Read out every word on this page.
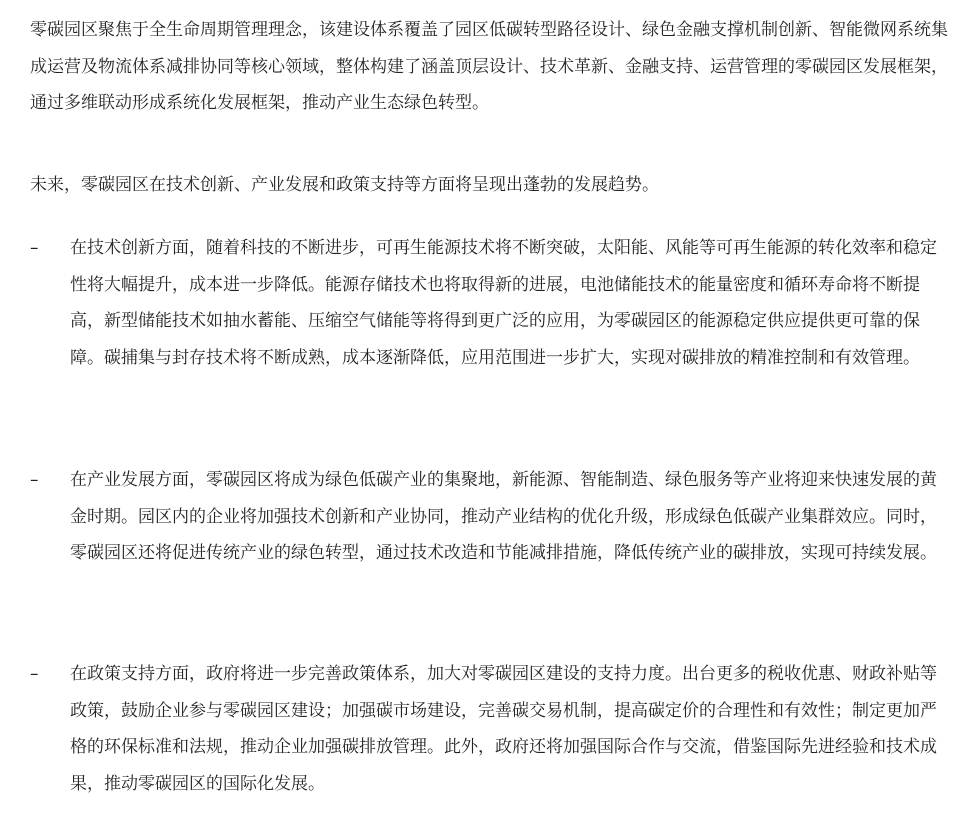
零碳园区聚焦于全生命周期管理理念，该建设体系覆盖了园区低碳转型路径设计、绿色金融支撑机制创新、智能微网系统集成运营及物流体系减排协同等核心领域，整体构建了涵盖顶层设计、技术革新、金融支持、运营管理的零碳园区发展框架，通过多维联动形成系统化发展框架，推动产业生态绿色转型。

未来，零碳园区在技术创新、产业发展和政策支持等方面将呈现出蓬勃的发展趋势。

– 在技术创新方面，随着科技的不断进步，可再生能源技术将不断突破，太阳能、风能等可再生能源的转化效率和稳定性将大幅提升，成本进一步降低。能源存储技术也将取得新的进展，电池储能技术的能量密度和循环寿命将不断提高，新型储能技术如抽水蓄能、压缩空气储能等将得到更广泛的应用，为零碳园区的能源稳定供应提供更可靠的保障。碳捕集与封存技术将不断成熟，成本逐渐降低，应用范围进一步扩大，实现对碳排放的精准控制和有效管理。

– 在产业发展方面，零碳园区将成为绿色低碳产业的集聚地，新能源、智能制造、绿色服务等产业将迎来快速发展的黄金时期。园区内的企业将加强技术创新和产业协同，推动产业结构的优化升级，形成绿色低碳产业集群效应。同时，零碳园区还将促进传统产业的绿色转型，通过技术改造和节能减排措施，降低传统产业的碳排放，实现可持续发展。

– 在政策支持方面，政府将进一步完善政策体系，加大对零碳园区建设的支持力度。出台更多的税收优惠、财政补贴等政策，鼓励企业参与零碳园区建设；加强碳市场建设，完善碳交易机制，提高碳定价的合理性和有效性；制定更加严格的环保标准和法规，推动企业加强碳排放管理。此外，政府还将加强国际合作与交流，借鉴国际先进经验和技术成果，推动零碳园区的国际化发展。
